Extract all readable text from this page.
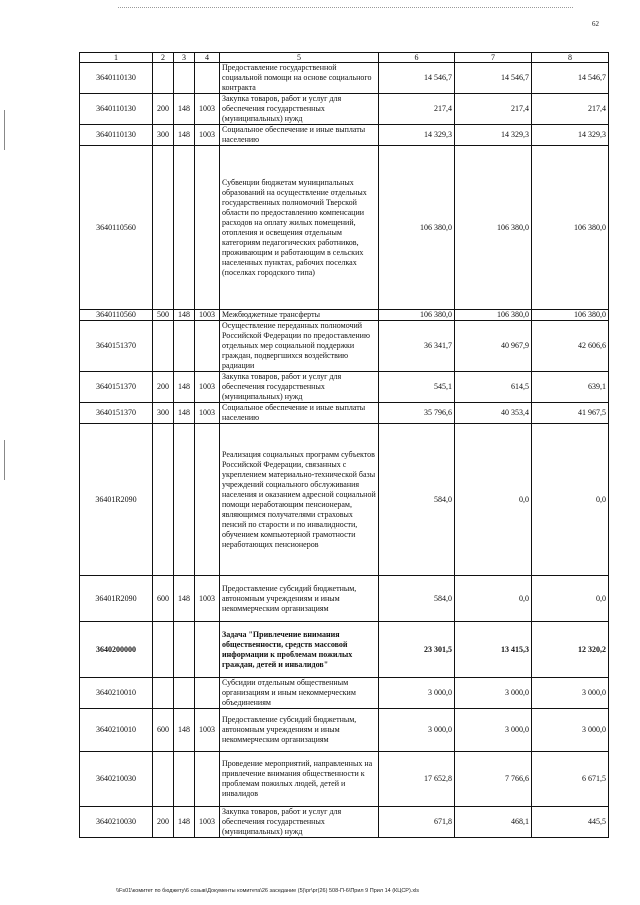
62
1	2	3	4	5	6	7	8
3640110130				Предоставление государственной социальной помощи на основе социального контракта	14 546,7	14 546,7	14 546,7
3640110130	200	148	1003	Закупка товаров, работ и услуг для обеспечения государственных (муниципальных) нужд	217,4	217,4	217,4
3640110130	300	148	1003	Социальное обеспечение и иные выплаты населению	14 329,3	14 329,3	14 329,3
3640110560				Субвенции бюджетам муниципальных образований на осуществление отдельных государственных полномочий Тверской области по предоставлению компенсации расходов на оплату жилых помещений, отопления и освещения отдельным категориям педагогических работников, проживающим и работающим в сельских населенных пунктах, рабочих поселках (поселках городского типа)	106 380,0	106 380,0	106 380,0
3640110560	500	148	1003	Межбюджетные трансферты	106 380,0	106 380,0	106 380,0
3640151370				Осуществление переданных полномочий Российской Федерации по предоставлению отдельных мер социальной поддержки граждан, подвергшихся воздействию радиации	36 341,7	40 967,9	42 606,6
3640151370	200	148	1003	Закупка товаров, работ и услуг для обеспечения государственных (муниципальных) нужд	545,1	614,5	639,1
3640151370	300	148	1003	Социальное обеспечение и иные выплаты населению	35 796,6	40 353,4	41 967,5
36401R2090				Реализация социальных программ субъектов Российской Федерации, связанных с укреплением материально-технической базы учреждений социального обслуживания населения и оказанием адресной социальной помощи неработающим пенсионерам, являющимся получателями страховых пенсий по старости и по инвалидности, обучением компьютерной грамотности неработающих пенсионеров	584,0	0,0	0,0
36401R2090	600	148	1003	Предоставление субсидий бюджетным, автономным учреждениям и иным некоммерческим организациям	584,0	0,0	0,0
3640200000				Задача "Привлечение внимания общественности, средств массовой информации к проблемам пожилых граждан, детей и инвалидов"	23 301,5	13 415,3	12 320,2
3640210010				Субсидии отдельным общественным организациям и иным некоммерческим объединениям	3 000,0	3 000,0	3 000,0
3640210010	600	148	1003	Предоставление субсидий бюджетным, автономным учреждениям и иным некоммерческим организациям	3 000,0	3 000,0	3 000,0
3640210030				Проведение мероприятий, направленных на привлечение внимания общественности к проблемам пожилых людей, детей и инвалидов	17 652,8	7 766,6	6 671,5
3640210030	200	148	1003	Закупка товаров, работ и услуг для обеспечения государственных (муниципальных) нужд	671,8	468,1	445,5
\\Fs01\комитет по бюджету\6 созыв\Документы комитета\26 заседание (5)\рг\рг(26) 508-П-6\Прил 9 Прил 14 (КЦСР).xls
